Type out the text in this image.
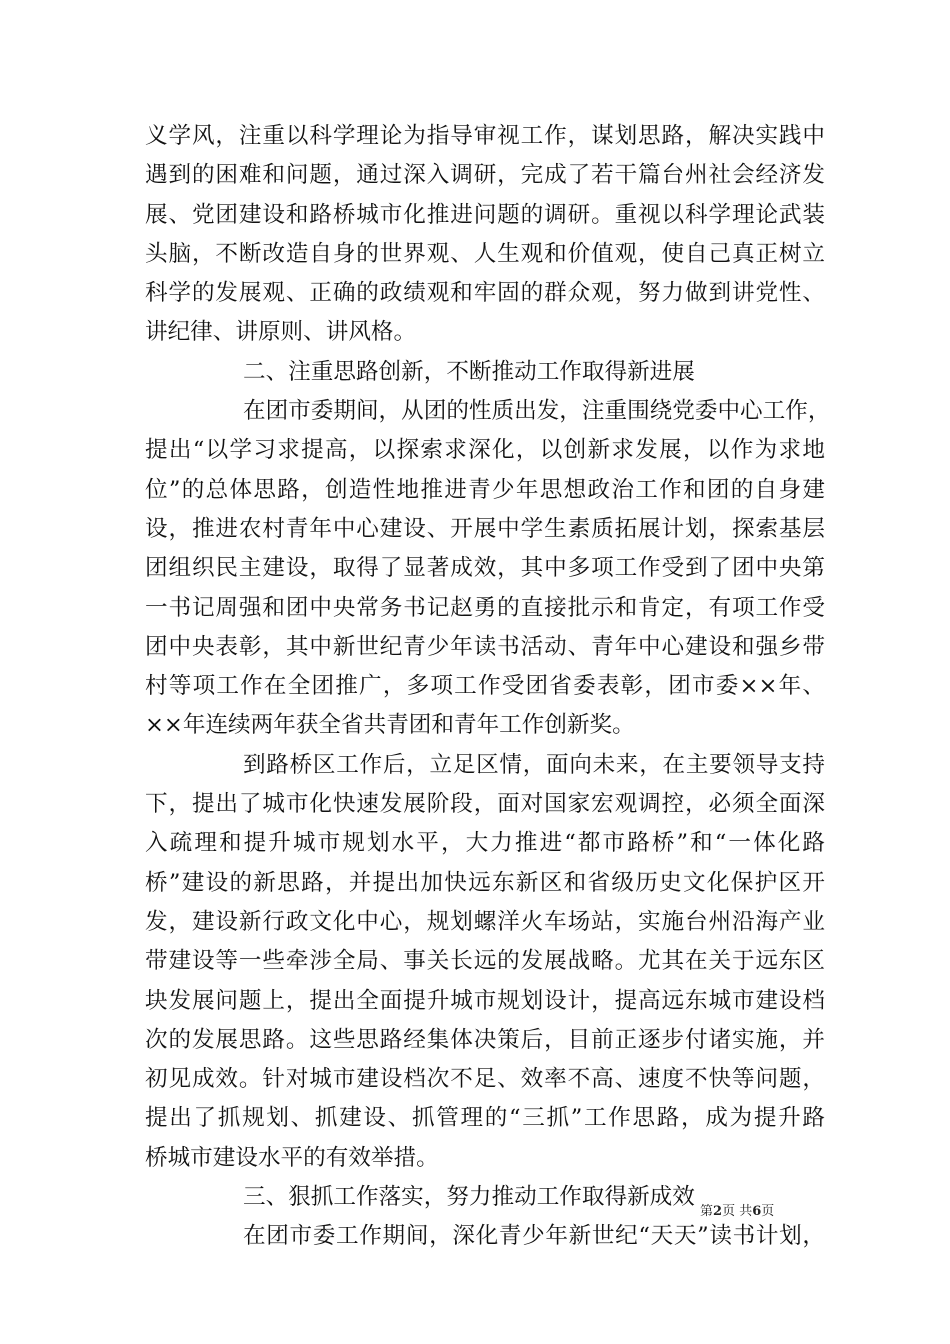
义学风，注重以科学理论为指导审视工作，谋划思路，解决实践中
遇到的困难和问题，通过深入调研，完成了若干篇台州社会经济发
展、党团建设和路桥城市化推进问题的调研。重视以科学理论武装
头脑，不断改造自身的世界观、人生观和价值观，使自己真正树立
科学的发展观、正确的政绩观和牢固的群众观，努力做到讲党性、
讲纪律、讲原则、讲风格。
二、注重思路创新，不断推动工作取得新进展
在团市委期间，从团的性质出发，注重围绕党委中心工作，
提出“以学习求提高，以探索求深化，以创新求发展，以作为求地
位”的总体思路，创造性地推进青少年思想政治工作和团的自身建
设，推进农村青年中心建设、开展中学生素质拓展计划，探索基层
团组织民主建设，取得了显著成效，其中多项工作受到了团中央第
一书记周强和团中央常务书记赵勇的直接批示和肯定，有项工作受
团中央表彰，其中新世纪青少年读书活动、青年中心建设和强乡带
村等项工作在全团推广，多项工作受团省委表彰，团市委××年、
××年连续两年获全省共青团和青年工作创新奖。
到路桥区工作后，立足区情，面向未来，在主要领导支持
下，提出了城市化快速发展阶段，面对国家宏观调控，必须全面深
入疏理和提升城市规划水平，大力推进“都市路桥”和“一体化路
桥”建设的新思路，并提出加快远东新区和省级历史文化保护区开
发，建设新行政文化中心，规划螺洋火车场站，实施台州沿海产业
带建设等一些牵涉全局、事关长远的发展战略。尤其在关于远东区
块发展问题上，提出全面提升城市规划设计，提高远东城市建设档
次的发展思路。这些思路经集体决策后，目前正逐步付诸实施，并
初见成效。针对城市建设档次不足、效率不高、速度不快等问题，
提出了抓规划、抓建设、抓管理的“三抓”工作思路，成为提升路
桥城市建设水平的有效举措。
三、狠抓工作落实，努力推动工作取得新成效
在团市委工作期间，深化青少年新世纪“天天”读书计划，
第2页 共6页
